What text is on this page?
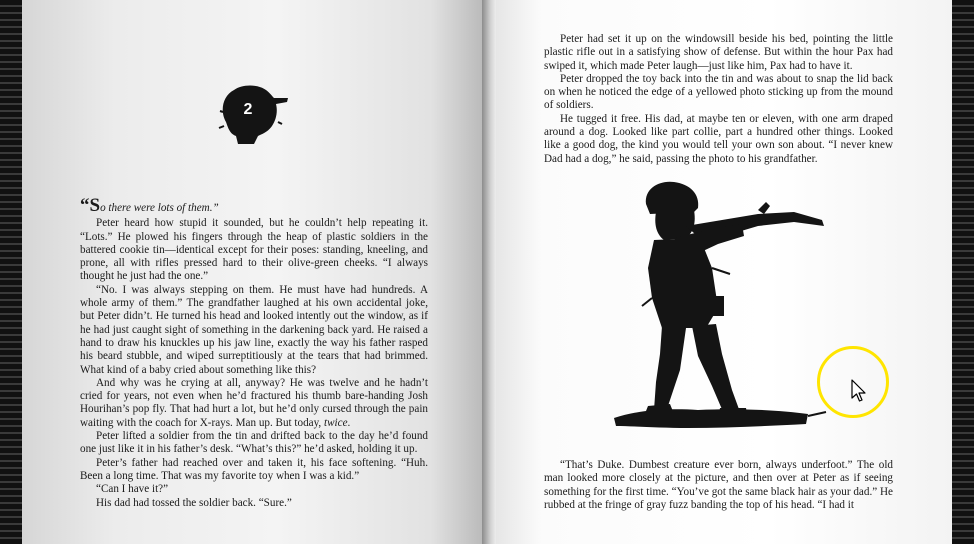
2

“So there were lots of them.”

Peter heard how stupid it sounded, but he couldn’t help repeating it. “Lots.” He plowed his fingers through the heap of plastic soldiers in the battered cookie tin—identical except for their poses: standing, kneeling, and prone, all with rifles pressed hard to their olive-green cheeks. “I always thought he just had the one.”

“No. I was always stepping on them. He must have had hundreds. A whole army of them.” The grandfather laughed at his own accidental joke, but Peter didn’t. He turned his head and looked intently out the window, as if he had just caught sight of something in the darkening back yard. He raised a hand to draw his knuckles up his jaw line, exactly the way his father rasped his beard stubble, and wiped surreptitiously at the tears that had brimmed. What kind of a baby cried about something like this?

And why was he crying at all, anyway? He was twelve and he hadn’t cried for years, not even when he’d fractured his thumb bare-handing Josh Hourihan’s pop fly. That had hurt a lot, but he’d only cursed through the pain waiting with the coach for X-rays. Man up. But today, twice.

Peter lifted a soldier from the tin and drifted back to the day he’d found one just like it in his father’s desk. “What’s this?” he’d asked, holding it up.

Peter’s father had reached over and taken it, his face softening. “Huh. Been a long time. That was my favorite toy when I was a kid.”

“Can I have it?”

His dad had tossed the soldier back. “Sure.”

Peter had set it up on the windowsill beside his bed, pointing the little plastic rifle out in a satisfying show of defense. But within the hour Pax had swiped it, which made Peter laugh—just like him, Pax had to have it.

Peter dropped the toy back into the tin and was about to snap the lid back on when he noticed the edge of a yellowed photo sticking up from the mound of soldiers.

He tugged it free. His dad, at maybe ten or eleven, with one arm draped around a dog. Looked like part collie, part a hundred other things. Looked like a good dog, the kind you would tell your own son about. “I never knew Dad had a dog,” he said, passing the photo to his grandfather.

“That’s Duke. Dumbest creature ever born, always underfoot.” The old man looked more closely at the picture, and then over at Peter as if seeing something for the first time. “You’ve got the same black hair as your dad.” He rubbed at the fringe of gray fuzz banding the top of his head. “I had it
